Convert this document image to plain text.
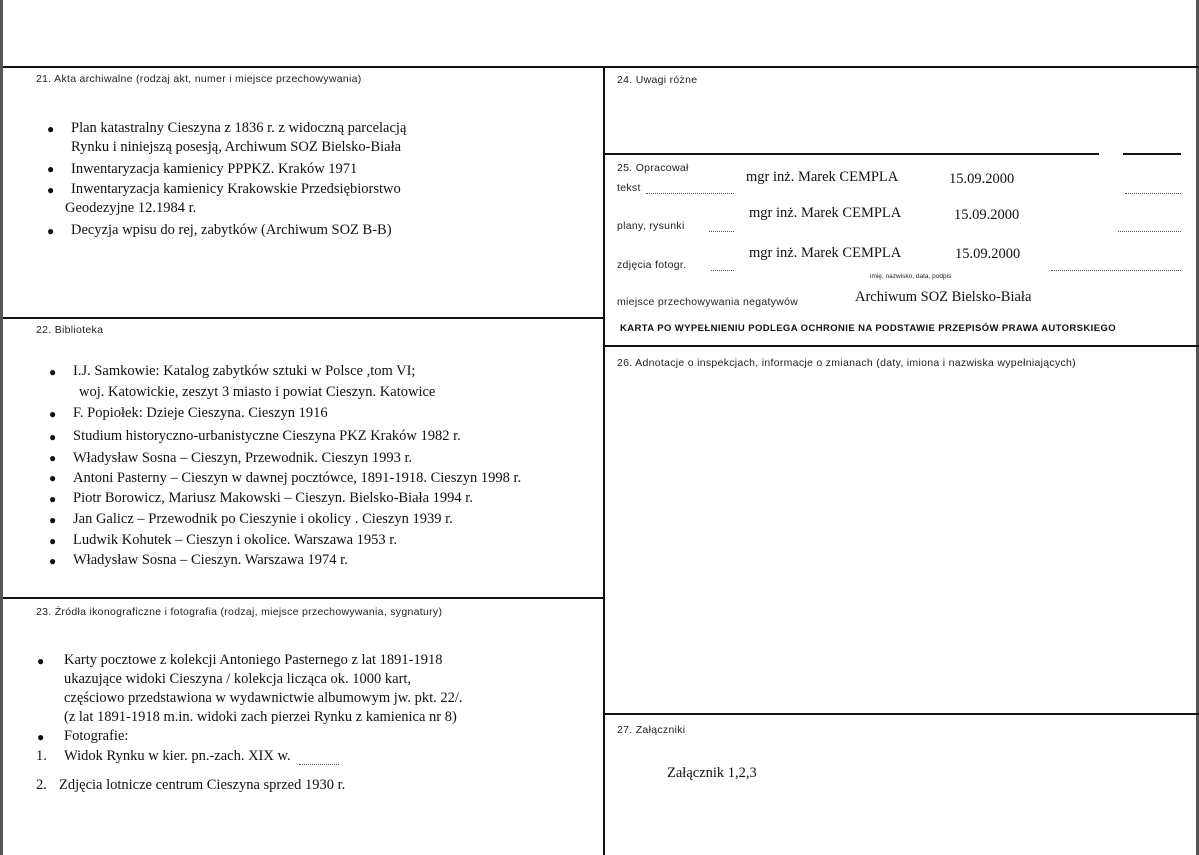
21. Akta archiwalne (rodzaj akt, numer i miejsce przechowywania)
● Plan katastralny Cieszyna z 1836 r. z widoczną parcelacją
Rynku i niniejszą posesją, Archiwum SOZ Bielsko-Biała
● Inwentaryzacja kamienicy PPPKZ. Kraków 1971
● Inwentaryzacja kamienicy Krakowskie Przedsiębiorstwo
Geodezyjne 12.1984 r.
● Decyzja wpisu do rej, zabytków (Archiwum SOZ B-B)
22. Biblioteka
● I.J. Samkowie: Katalog zabytków sztuki w Polsce ,tom VI;
woj. Katowickie, zeszyt 3 miasto i powiat Cieszyn. Katowice
● F. Popiołek: Dzieje Cieszyna. Cieszyn 1916
● Studium historyczno-urbanistyczne Cieszyna PKZ Kraków 1982 r.
● Władysław Sosna – Cieszyn, Przewodnik. Cieszyn 1993 r.
● Antoni Pasterny – Cieszyn w dawnej pocztówce, 1891-1918. Cieszyn 1998 r.
● Piotr Borowicz, Mariusz Makowski – Cieszyn. Bielsko-Biała 1994 r.
● Jan Galicz – Przewodnik po Cieszynie i okolicy . Cieszyn 1939 r.
● Ludwik Kohutek – Cieszyn i okolice. Warszawa 1953 r.
● Władysław Sosna – Cieszyn. Warszawa 1974 r.
23. Źródła ikonograficzne i fotografia (rodzaj, miejsce przechowywania, sygnatury)
● Karty pocztowe z kolekcji Antoniego Pasternego z lat 1891-1918
ukazujące widoki Cieszyna / kolekcja licząca ok. 1000 kart,
częściowo przedstawiona w wydawnictwie albumowym jw. pkt. 22/.
(z lat 1891-1918 m.in. widoki zach pierzei Rynku z kamienica nr 8)
● Fotografie:
1. Widok Rynku w kier. pn.-zach. XIX w.
2. Zdjęcia lotnicze centrum Cieszyna sprzed 1930 r.
24. Uwagi różne
25. Opracował
tekst
mgr inż. Marek CEMPLA	15.09.2000
plany, rysunki
mgr inż. Marek CEMPLA	15.09.2000
zdjęcia fotogr.
mgr inż. Marek CEMPLA	15.09.2000
imię, nazwisko, data, podpis
miejsce przechowywania negatywów	Archiwum SOZ Bielsko-Biała
KARTA PO WYPEŁNIENIU PODLEGA OCHRONIE NA PODSTAWIE PRZEPISÓW PRAWA AUTORSKIEGO
26. Adnotacje o inspekcjach, informacje o zmianach (daty, imiona i nazwiska wypełniających)
27. Załączniki
Załącznik 1,2,3
